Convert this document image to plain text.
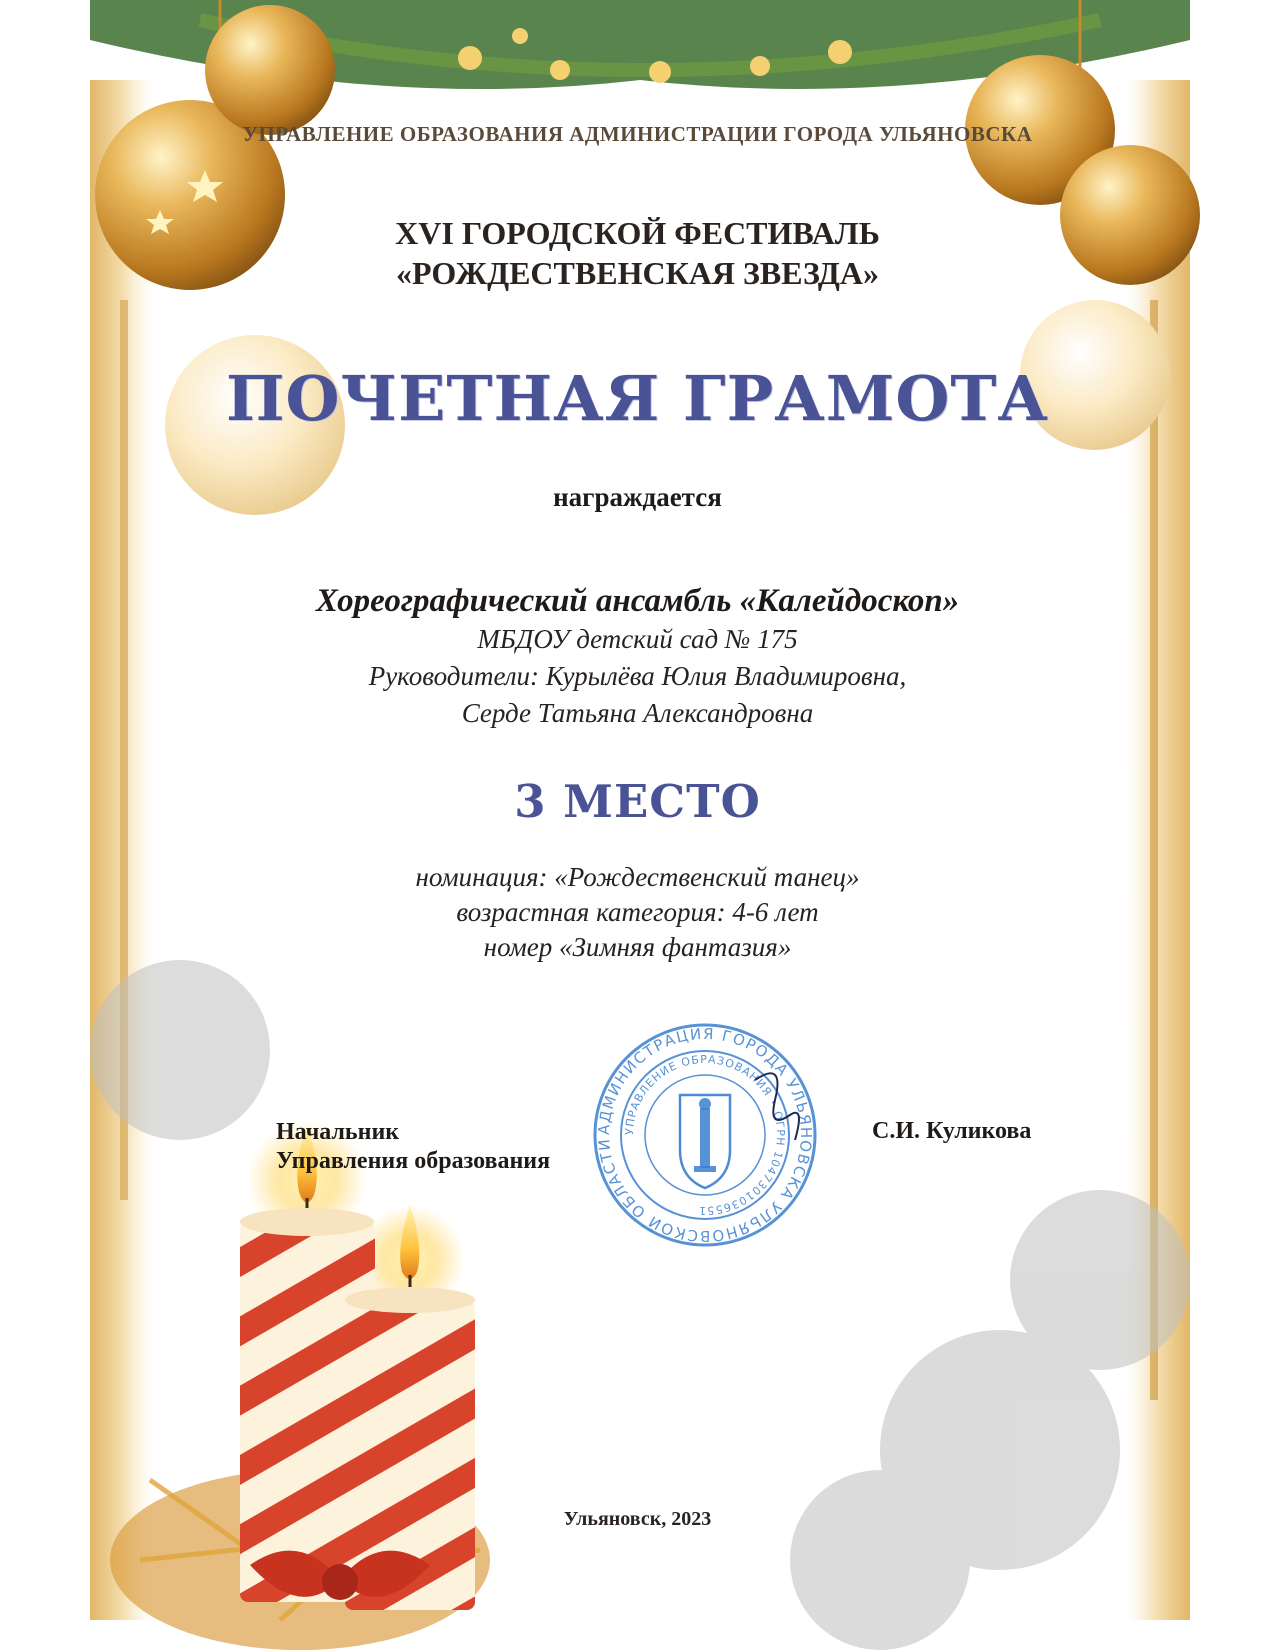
УПРАВЛЕНИЕ ОБРАЗОВАНИЯ АДМИНИСТРАЦИИ ГОРОДА УЛЬЯНОВСКА

XVI ГОРОДСКОЙ ФЕСТИВАЛЬ
«РОЖДЕСТВЕНСКАЯ ЗВЕЗДА»

ПОЧЕТНАЯ ГРАМОТА

награждается

Хореографический ансамбль «Калейдоскоп»

МБДОУ детский сад № 175

Руководители: Курылёва Юлия Владимировна,

Серде Татьяна Александровна

3 МЕСТО

номинация: «Рождественский танец»

возрастная категория: 4-6 лет

номер «Зимняя фантазия»

Начальник
Управления образования
АДМИНИСТРАЦИЯ ГОРОДА УЛЬЯНОВСКА УЛЬЯНОВСКОЙ ОБЛАСТИ
УПРАВЛЕНИЕ ОБРАЗОВАНИЯ • ОГРН 1047301036551
С.И. Куликова

Ульяновск, 2023
